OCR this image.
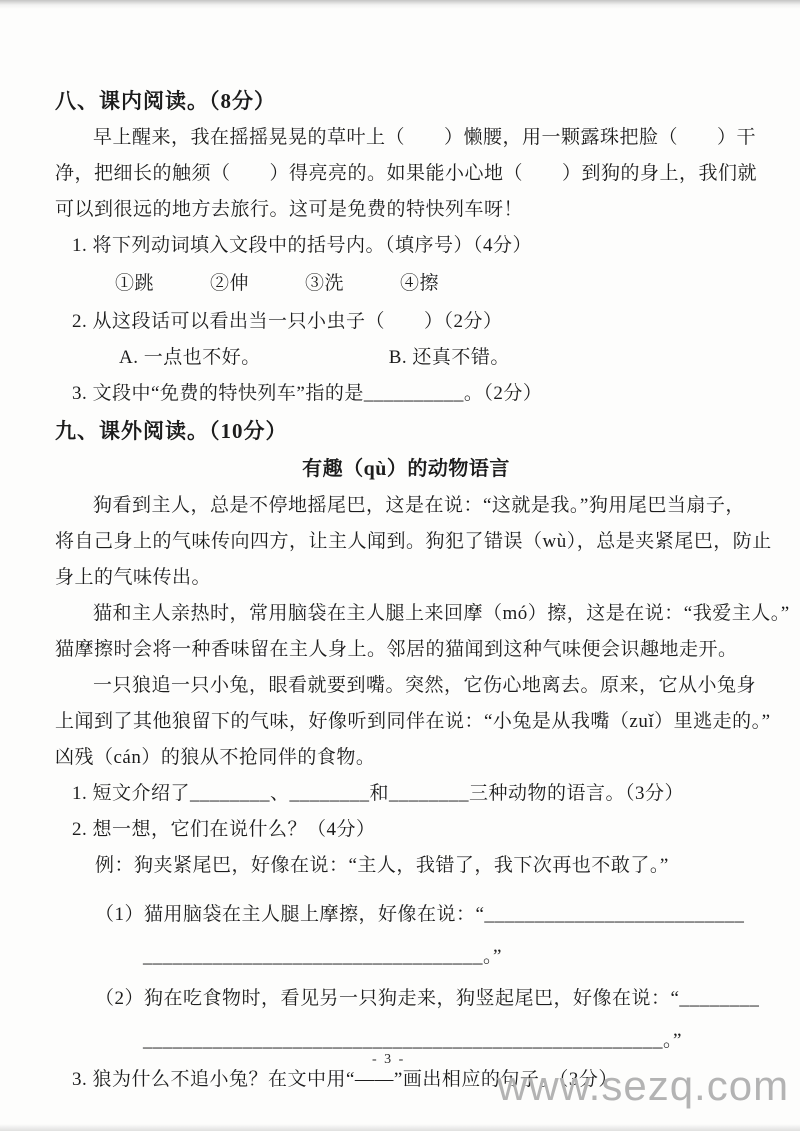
八、课内阅读。（8分）
早上醒来，我在摇摇晃晃的草叶上（　　）懒腰，用一颗露珠把脸（　　）干
净，把细长的触须（　　）得亮亮的。如果能小心地（　　）到狗的身上，我们就
可以到很远的地方去旅行。这可是免费的特快列车呀！
1. 将下列动词填入文段中的括号内。（填序号）（4分）
①跳	②伸	③洗	④擦
2. 从这段话可以看出当一只小虫子（　　）（2分）
A. 一点也不好。	B. 还真不错。
3. 文段中“免费的特快列车”指的是__________。（2分）
九、课外阅读。（10分）
有趣（qù）的动物语言
狗看到主人，总是不停地摇尾巴，这是在说：“这就是我。”狗用尾巴当扇子，
将自己身上的气味传向四方，让主人闻到。狗犯了错误（wù），总是夹紧尾巴，防止
身上的气味传出。
猫和主人亲热时，常用脑袋在主人腿上来回摩（mó）擦，这是在说：“我爱主人。”
猫摩擦时会将一种香味留在主人身上。邻居的猫闻到这种气味便会识趣地走开。
一只狼追一只小兔，眼看就要到嘴。突然，它伤心地离去。原来，它从小兔身
上闻到了其他狼留下的气味，好像听到同伴在说：“小兔是从我嘴（zuǐ）里逃走的。”
凶残（cán）的狼从不抢同伴的食物。
1. 短文介绍了________、________和________三种动物的语言。（3分）
2. 想一想，它们在说什么？（4分）
例：狗夹紧尾巴，好像在说：“主人，我错了，我下次再也不敢了。”
（1）猫用脑袋在主人腿上摩擦，好像在说：“__________________________
__________________________________。”
（2）狗在吃食物时，看见另一只狗走来，狗竖起尾巴，好像在说：“________
____________________________________________________。”
3. 狼为什么不追小兔？在文中用“——”画出相应的句子。（3分）
- 3 -
www.sezq.com
